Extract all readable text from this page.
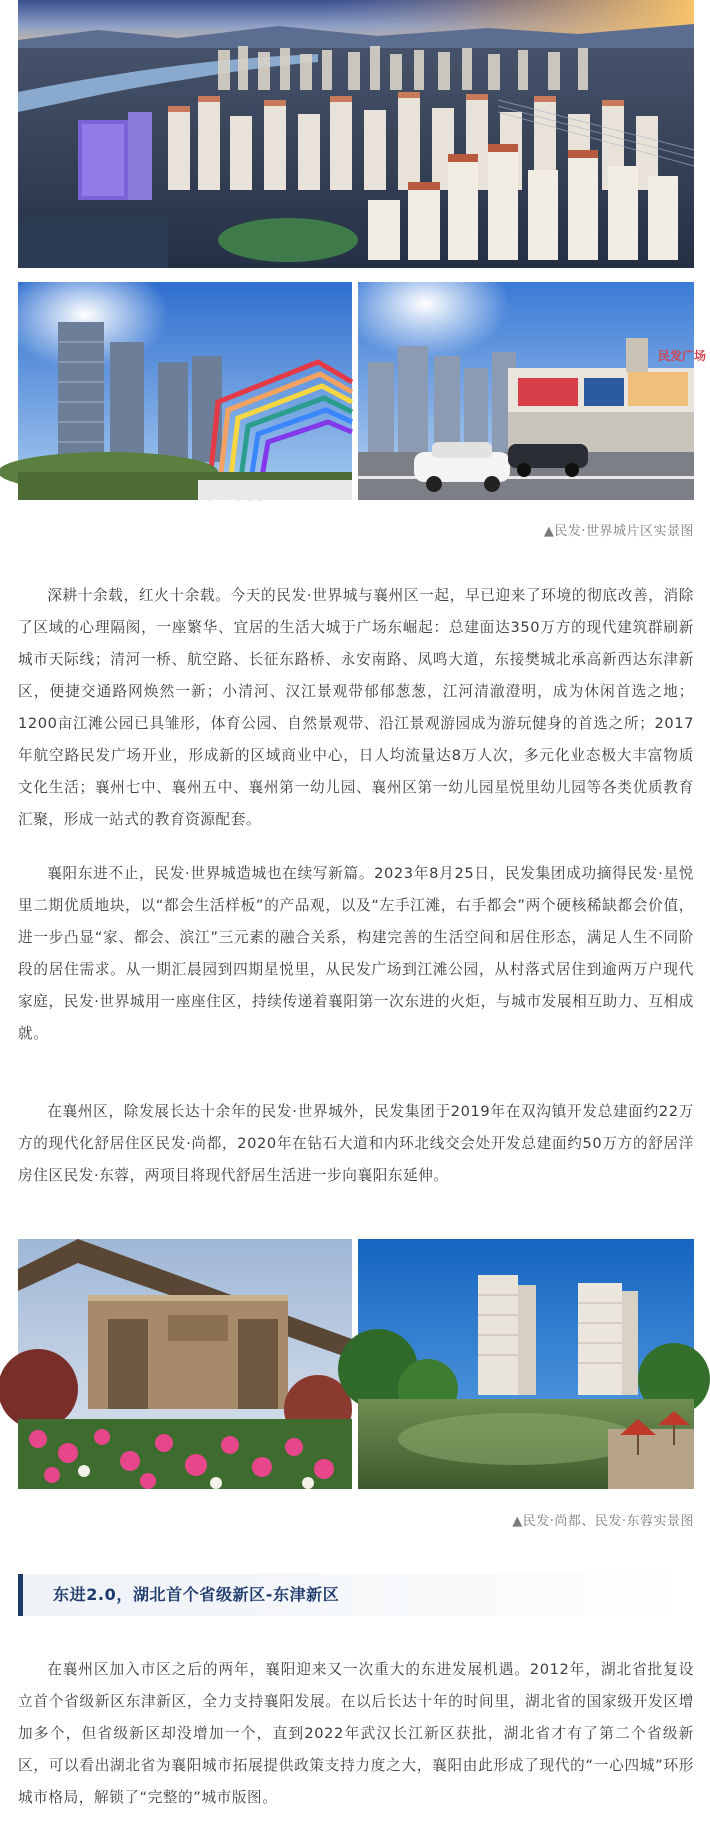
民发广场
▲民发·世界城片区实景图

深耕十余载，红火十余载。今天的民发·世界城与襄州区一起，早已迎来了环境的彻底改善，消除了区域的心理隔阂，一座繁华、宜居的生活大城于广场东崛起：总建面达350万方的现代建筑群刷新城市天际线；清河一桥、航空路、长征东路桥、永安南路、凤鸣大道，东接樊城北承高新西达东津新区，便捷交通路网焕然一新；小清河、汉江景观带郁郁葱葱，江河清澈澄明，成为休闲首选之地；1200亩江滩公园已具雏形，体育公园、自然景观带、沿江景观游园成为游玩健身的首选之所；2017年航空路民发广场开业，形成新的区域商业中心，日人均流量达8万人次，多元化业态极大丰富物质文化生活；襄州七中、襄州五中、襄州第一幼儿园、襄州区第一幼儿园星悦里幼儿园等各类优质教育汇聚，形成一站式的教育资源配套。

襄阳东进不止，民发·世界城造城也在续写新篇。2023年8月25日，民发集团成功摘得民发·星悦里二期优质地块，以“都会生活样板”的产品观，以及“左手江滩，右手都会”两个硬核稀缺都会价值，进一步凸显“家、都会、滨江”三元素的融合关系，构建完善的生活空间和居住形态，满足人生不同阶段的居住需求。从一期汇晨园到四期星悦里，从民发广场到江滩公园，从村落式居住到逾两万户现代家庭，民发·世界城用一座座住区，持续传递着襄阳第一次东进的火炬，与城市发展相互助力、互相成就。

在襄州区，除发展长达十余年的民发·世界城外，民发集团于2019年在双沟镇开发总建面约22万方的现代化舒居住区民发·尚都，2020年在钻石大道和内环北线交会处开发总建面约50万方的舒居洋房住区民发·东蓉，两项目将现代舒居生活进一步向襄阳东延伸。

▲民发·尚都、民发·东蓉实景图
东进2.0，湖北首个省级新区-东津新区

在襄州区加入市区之后的两年，襄阳迎来又一次重大的东进发展机遇。2012年，湖北省批复设立首个省级新区东津新区，全力支持襄阳发展。在以后长达十年的时间里，湖北省的国家级开发区增加多个，但省级新区却没增加一个，直到2022年武汉长江新区获批，湖北省才有了第二个省级新区，可以看出湖北省为襄阳城市拓展提供政策支持力度之大，襄阳由此形成了现代的“一心四城”环形城市格局，解锁了“完整的”城市版图。
